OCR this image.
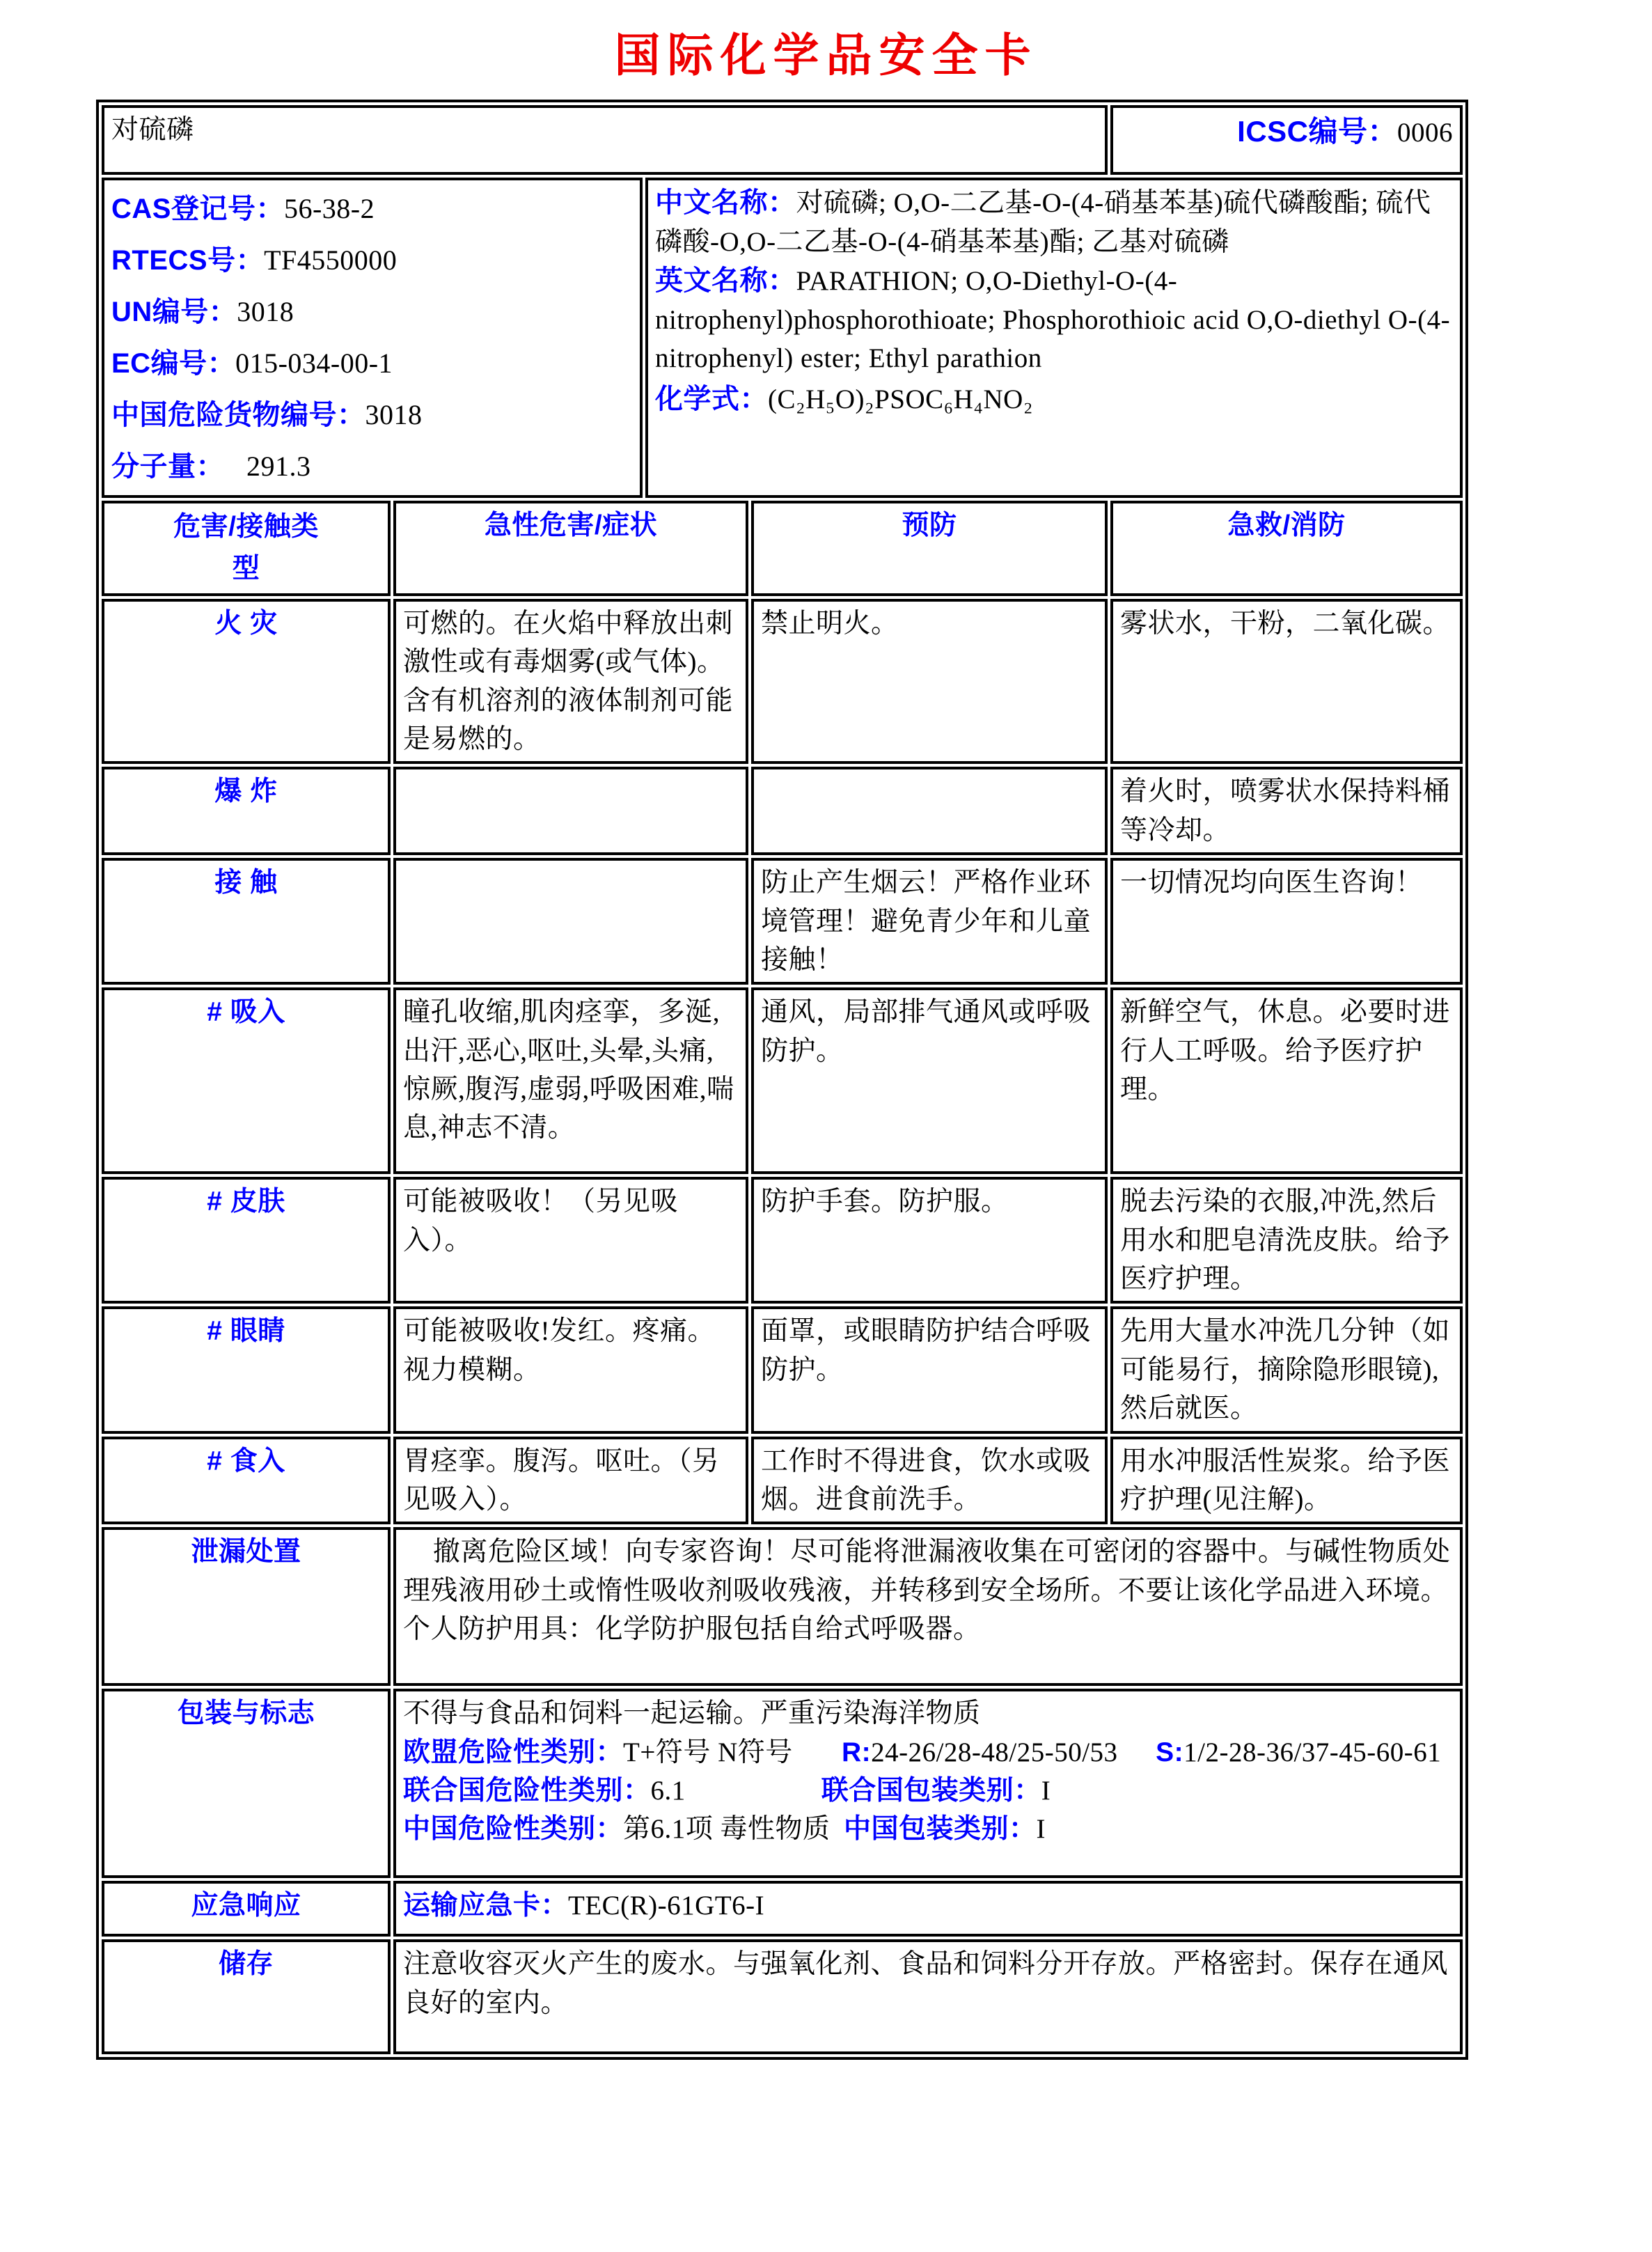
国际化学品安全卡
对硫磷				ICSC编号：0006

CAS登记号：56-38-2
RTECS号：TF4550000
UN编号：3018
EC编号：015-034-00-1
中国危险货物编号：3018
分子量： 291.3
	中文名称：对硫磷; O,O-二乙基-O-(4-硝基苯基)硫代磷酸酯; 硫代磷酸-O,O-二乙基-O-(4-硝基苯基)酯; 乙基对硫磷
英文名称：PARATHION; O,O-Diethyl-O-(4-nitrophenyl)phosphorothioate; Phosphorothioic acid O,O-diethyl O-(4-nitrophenyl) ester; Ethyl parathion
化学式：(C₂H₅O)₂PSOC₆H₄NO₂

危害/接触类型	急性危害/症状		预防	急救/消防
火 灾	可燃的。在火焰中释放出刺激性或有毒烟雾(或气体)。含有机溶剂的液体制剂可能是易燃的。		禁止明火。	雾状水，干粉，二氧化碳。
爆 炸				着火时，喷雾状水保持料桶等冷却。
接 触			防止产生烟云！严格作业环境管理！避免青少年和儿童接触！	一切情况均向医生咨询！
# 吸入	瞳孔收缩,肌肉痉挛，多涎,出汗,恶心,呕吐,头晕,头痛,惊厥,腹泻,虚弱,呼吸困难,喘息,神志不清。		通风，局部排气通风或呼吸防护。	新鲜空气，休息。必要时进行人工呼吸。给予医疗护理。
# 皮肤	可能被吸收！（另见吸入）。		防护手套。防护服。	脱去污染的衣服,冲洗,然后用水和肥皂清洗皮肤。给予医疗护理。
# 眼睛	可能被吸收!发红。疼痛。视力模糊。		面罩，或眼睛防护结合呼吸防护。	先用大量水冲洗几分钟（如可能易行，摘除隐形眼镜),然后就医。
# 食入	胃痉挛。腹泻。呕吐。（另见吸入）。		工作时不得进食，饮水或吸烟。进食前洗手。	用水冲服活性炭浆。给予医疗护理(见注解)。
泄漏处置	撤离危险区域！向专家咨询！尽可能将泄漏液收集在可密闭的容器中。与碱性物质处理残液用砂土或惰性吸收剂吸收残液，并转移到安全场所。不要让该化学品进入环境。个人防护用具：化学防护服包括自给式呼吸器。			
包装与标志	不得与食品和饲料一起运输。严重污染海洋物质
欧盟危险性类别：T+符号 N符号 R:24-26/28-48/25-50/53 S:1/2-28-36/37-45-60-61
联合国危险性类别：6.1 联合国包装类别：I
中国危险性类别：第6.1项 毒性物质 中国包装类别：I			

应急响应	运输应急卡：TEC(R)-61GT6-I			
储存	注意收容灭火产生的废水。与强氧化剂、食品和饲料分开存放。严格密封。保存在通风良好的室内。			
